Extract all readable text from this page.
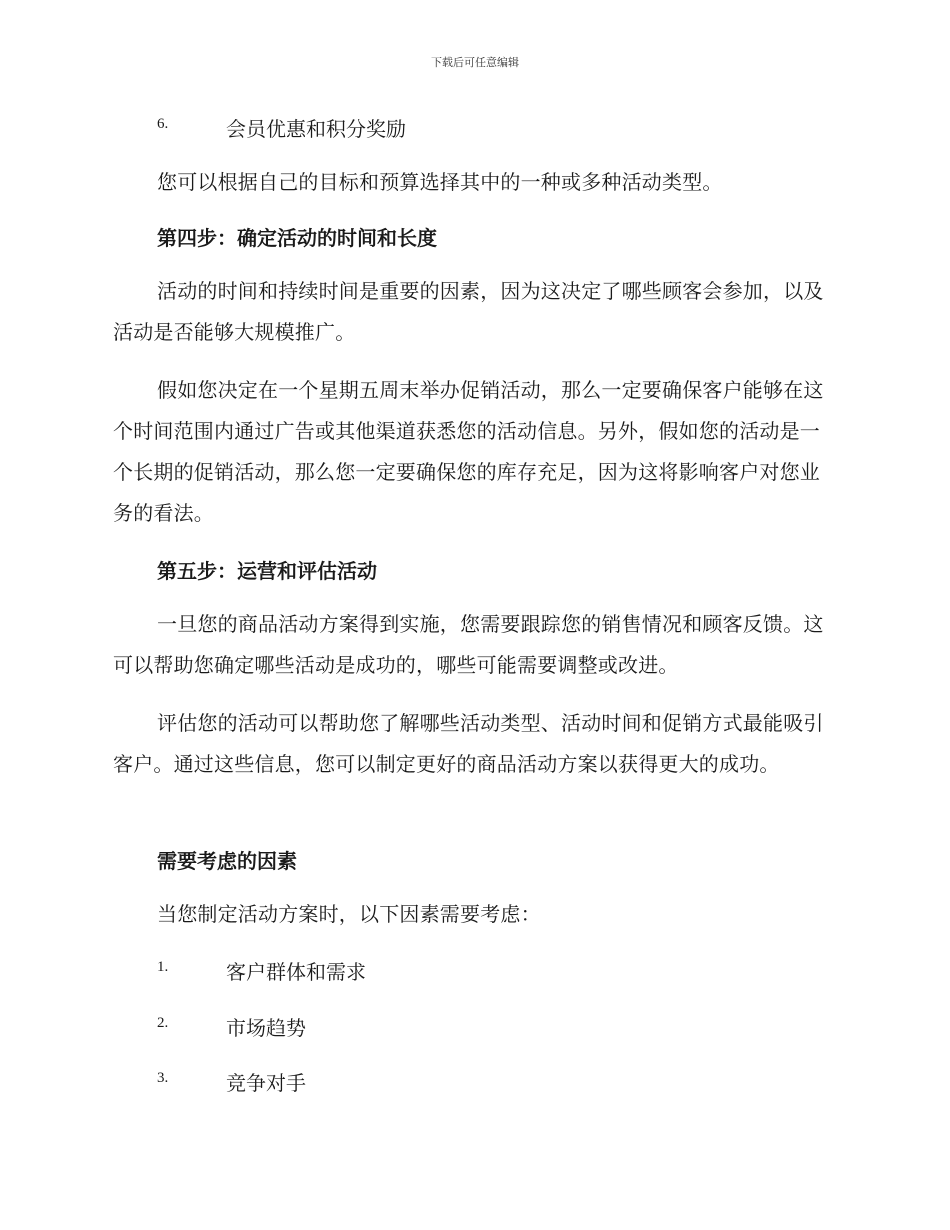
下载后可任意编辑
6.	会员优惠和积分奖励
您可以根据自己的目标和预算选择其中的一种或多种活动类型。
第四步：确定活动的时间和长度
活动的时间和持续时间是重要的因素，因为这决定了哪些顾客会参加，以及活动是否能够大规模推广。
假如您决定在一个星期五周末举办促销活动，那么一定要确保客户能够在这个时间范围内通过广告或其他渠道获悉您的活动信息。另外，假如您的活动是一个长期的促销活动，那么您一定要确保您的库存充足，因为这将影响客户对您业务的看法。
第五步：运营和评估活动
一旦您的商品活动方案得到实施，您需要跟踪您的销售情况和顾客反馈。这可以帮助您确定哪些活动是成功的，哪些可能需要调整或改进。
评估您的活动可以帮助您了解哪些活动类型、活动时间和促销方式最能吸引客户。通过这些信息，您可以制定更好的商品活动方案以获得更大的成功。
需要考虑的因素
当您制定活动方案时，以下因素需要考虑：
1.	客户群体和需求
2.	市场趋势
3.	竞争对手
